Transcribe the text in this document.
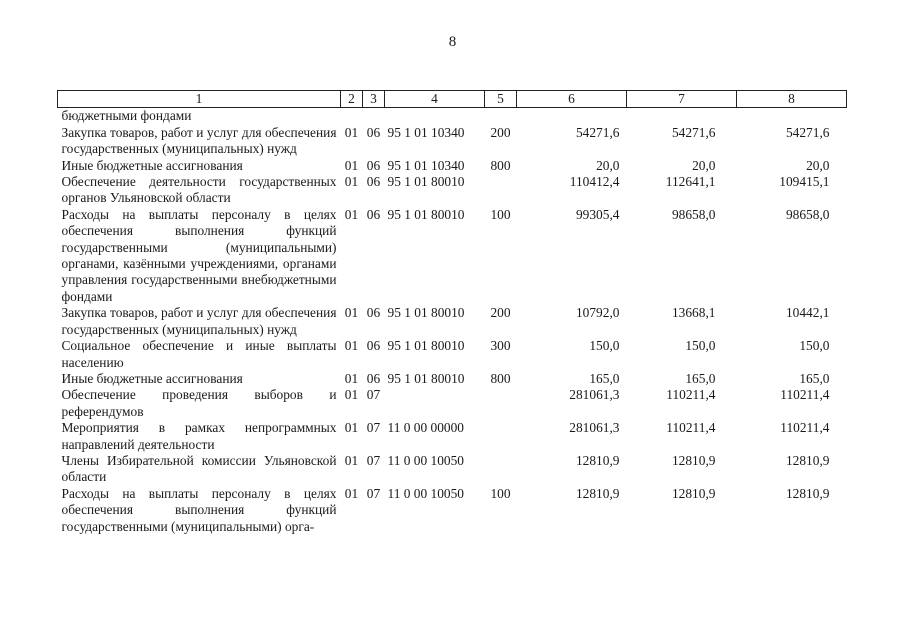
8
1	2	3	4	5	6	7	8
бюджетными фондами							
Закупка товаров, работ и услуг для обеспечения государственных (муниципальных) нужд	01	06	95 1 01 10340	200	54271,6	54271,6	54271,6
Иные бюджетные ассигнования	01	06	95 1 01 10340	800	20,0	20,0	20,0
Обеспечение деятельности государственных органов Ульяновской области	01	06	95 1 01 80010		110412,4	112641,1	109415,1
Расходы на выплаты персоналу в целях обеспечения выполнения функций государственными (муниципальными) органами, казёнными учреждениями, органами управления государственными внебюджетными фондами	01	06	95 1 01 80010	100	99305,4	98658,0	98658,0
Закупка товаров, работ и услуг для обеспечения государственных (муниципальных) нужд	01	06	95 1 01 80010	200	10792,0	13668,1	10442,1
Социальное обеспечение и иные выплаты населению	01	06	95 1 01 80010	300	150,0	150,0	150,0
Иные бюджетные ассигнования	01	06	95 1 01 80010	800	165,0	165,0	165,0
Обеспечение проведения выборов и референдумов	01	07			281061,3	110211,4	110211,4
Мероприятия в рамках непрограммных направлений деятельности	01	07	11 0 00 00000		281061,3	110211,4	110211,4
Члены Избирательной комиссии Ульяновской области	01	07	11 0 00 10050		12810,9	12810,9	12810,9
Расходы на выплаты персоналу в целях обеспечения выполнения функций государственными (муниципальными) орга-	01	07	11 0 00 10050	100	12810,9	12810,9	12810,9
